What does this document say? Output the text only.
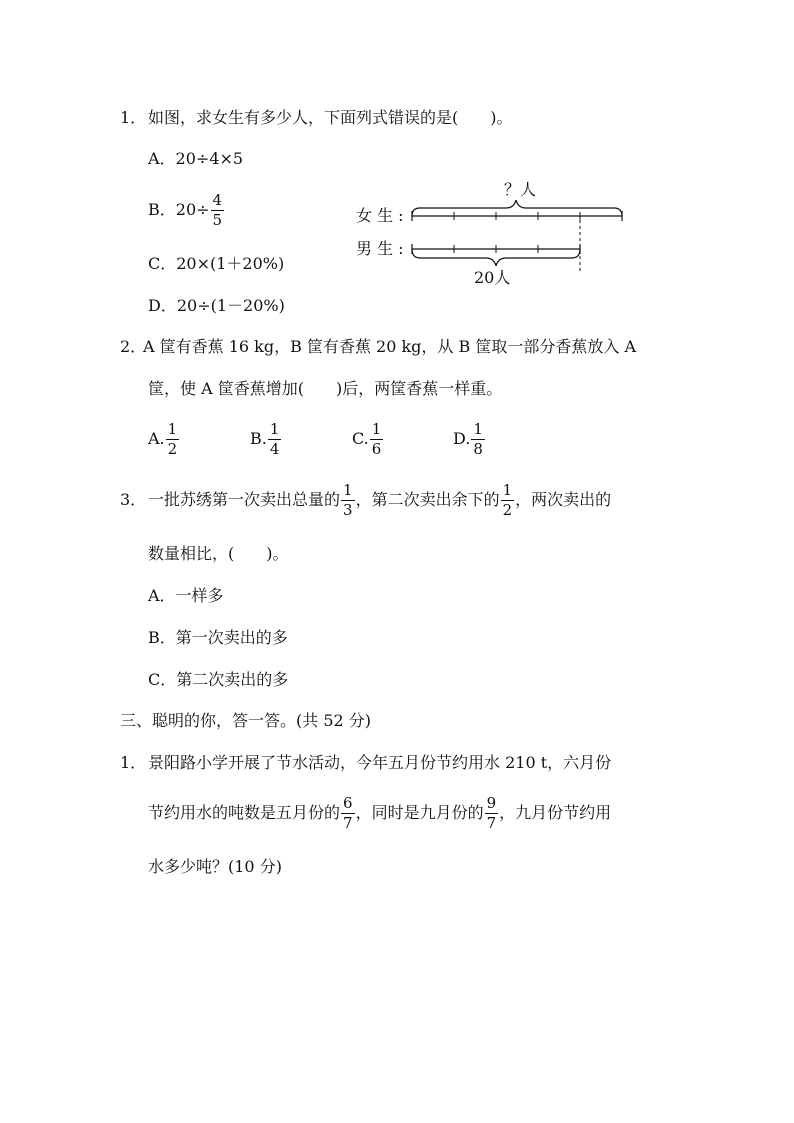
1． 如图，求女生有多少人，下面列式错误的是(　　)。
A．20÷4×5
B．$20\div \frac{4}{5}$
C．20×(1＋20%)
D．20÷(1－20%)
女 生 :
男 生 :
？人
20人
2．
A 筐有香蕉 16 kg，B 筐有香蕉 20 kg，从 B 筐取一部分香蕉放入 A
筐，使 A 筐香蕉增加(　　)后，两筐香蕉一样重。
A. $\frac{1}{2}$	B. $\frac{1}{4}$	C. $\frac{1}{6}$	D. $\frac{1}{8}$
3． 一批苏绣第一次卖出总量的 $\frac{1}{3}$ ，第二次卖出余下的 $\frac{1}{2}$ ，两次卖出的
数量相比，(　　)。
A．一样多
B．第一次卖出的多
C．第二次卖出的多
三、聪明的你，答一答。(共 52 分)
1． 景阳路小学开展了节水活动，今年五月份节约用水 210 t，六月份
节约用水的吨数是五月份的 $\frac{6}{7}$ ，同时是九月份的 $\frac{9}{7}$ ，九月份节约用
水多少吨？(10 分)
